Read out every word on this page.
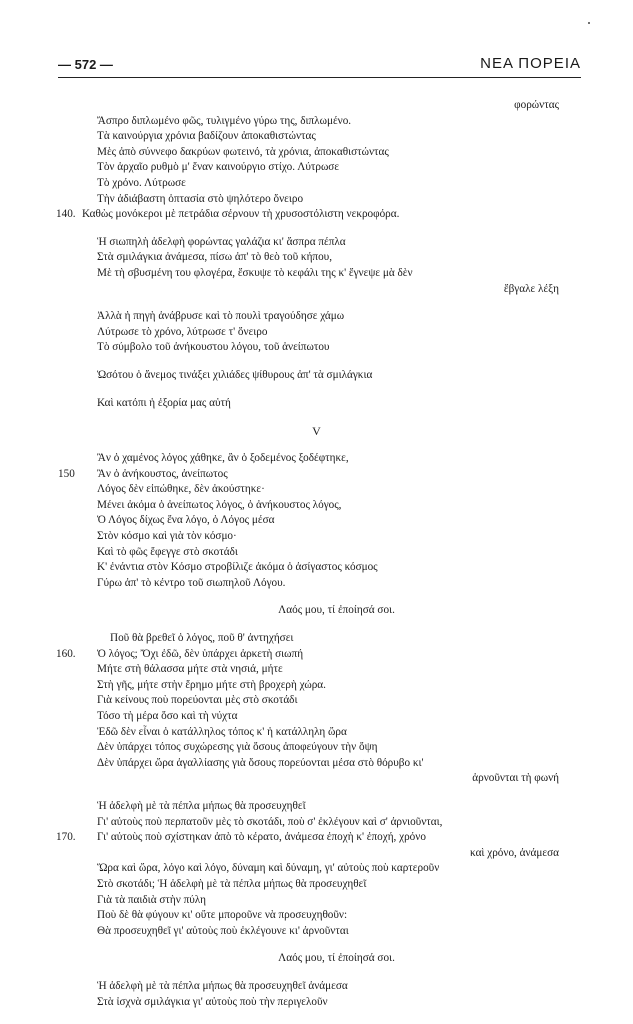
— 572 —	ΝΕΑ ΠΟΡΕΙΑ
φορώντας
Ἄσπρο διπλωμένο φῶς, τυλιγμένο γύρω της, διπλωμένο.
Τὰ καινούργια χρόνια βαδίζουν ἀποκαθιστώντας
Μὲς ἀπὸ σύννεφο δακρύων φωτεινό, τὰ χρόνια, ἀποκαθιστώντας
Τὸν ἀρχαῖο ρυθμὸ μ' ἕναν καινούργιο στίχο. Λύτρωσε
Τὸ χρόνο. Λύτρωσε
Τὴν ἀδιάβαστη ὀπτασία στὸ ψηλότερο ὄνειρο
140. Καθὼς μονόκεροι μὲ πετράδια σέρνουν τὴ χρυσοστόλιστη νεκροφόρα.
Ἡ σιωπηλὴ ἀδελφὴ φορώντας γαλάζια κι' ἄσπρα πέπλα
Στὰ σμιλάγκια ἀνάμεσα, πίσω ἀπ' τὸ θεὸ τοῦ κήπου,
Μὲ τὴ σβυσμένη του φλογέρα, ἔσκυψε τὸ κεφάλι της κ' ἔγνεψε μὰ δὲν
ἔβγαλε λέξη
Ἀλλὰ ἡ πηγὴ ἀνάβρυσε καὶ τὸ πουλὶ τραγούδησε χάμω
Λύτρωσε τὸ χρόνο, λύτρωσε τ' ὄνειρο
Τὸ σύμβολο τοῦ ἀνήκουστου λόγου, τοῦ ἀνείπωτου
Ὡσότου ὁ ἄνεμος τινάξει χιλιάδες ψίθυρους ἀπ' τὰ σμιλάγκια
Καὶ κατόπι ἡ ἐξορία μας αὐτή
V
Ἂν ὁ χαμένος λόγος χάθηκε, ἂν ὁ ξοδεμένος ξοδέφτηκε,
150 Ἂν ὁ ἀνήκουστος, ἀνείπωτος
Λόγος δὲν εἰπώθηκε, δὲν ἀκούστηκε·
Μένει ἀκόμα ὁ ἀνείπωτος λόγος, ὁ ἀνήκουστος λόγος,
Ὁ Λόγος δίχως ἕνα λόγο, ὁ Λόγος μέσα
Στὸν κόσμο καὶ γιὰ τὸν κόσμο·
Καὶ τὸ φῶς ἔφεγγε στὸ σκοτάδι
Κ' ἐνάντια στὸν Κόσμο στροβίλιζε ἀκόμα ὁ ἀσίγαστος κόσμος
Γύρω ἀπ' τὸ κέντρο τοῦ σιωπηλοῦ Λόγου.
Λαός μου, τί ἐποίησά σοι.
Ποῦ θὰ βρεθεῖ ὁ λόγος, ποῦ θ' ἀντηχήσει
160. Ὁ λόγος; Ὄχι ἐδῶ, δὲν ὑπάρχει ἀρκετὴ σιωπή
Μήτε στὴ θάλασσα μήτε στὰ νησιά, μήτε
Στὴ γῆς, μήτε στὴν ἔρημο μήτε στὴ βροχερὴ χώρα.
Γιὰ κείνους ποὺ πορεύονται μὲς στὸ σκοτάδι
Τόσο τὴ μέρα ὅσο καὶ τὴ νύχτα
Ἐδῶ δὲν εἶναι ὁ κατάλληλος τόπος κ' ἡ κατάλληλη ὥρα
Δὲν ὑπάρχει τόπος συχώρεσης γιὰ ὅσους ἀποφεύγουν τὴν ὄψη
Δὲν ὑπάρχει ὥρα ἀγαλλίασης γιὰ ὅσους πορεύονται μέσα στὸ θόρυβο κι'
ἀρνοῦνται τὴ φωνή
Ἡ ἀδελφὴ μὲ τὰ πέπλα μήπως θὰ προσευχηθεῖ
Γι' αὐτοὺς ποὺ περπατοῦν μὲς τὸ σκοτάδι, ποὺ σ' ἐκλέγουν καὶ σ' ἀρνιοῦνται,
170. Γι' αὐτοὺς ποὺ σχίστηκαν ἀπὸ τὸ κέρατο, ἀνάμεσα ἐποχὴ κ' ἐποχή, χρόνο
καὶ χρόνο, ἀνάμεσα
Ὥρα καὶ ὥρα, λόγο καὶ λόγο, δύναμη καὶ δύναμη, γι' αὐτοὺς ποὺ καρτεροῦν
Στὸ σκοτάδι; Ἡ ἀδελφὴ μὲ τὰ πέπλα μήπως θὰ προσευχηθεῖ
Γιὰ τὰ παιδιὰ στὴν πύλη
Ποὺ δὲ θὰ φύγουν κι' οὔτε μποροῦνε νὰ προσευχηθοῦν:
Θὰ προσευχηθεῖ γι' αὐτοὺς ποὺ ἐκλέγουνε κι' ἀρνοῦνται
Λαός μου, τί ἐποίησά σοι.
Ἡ ἀδελφὴ μὲ τὰ πέπλα μήπως θὰ προσευχηθεῖ ἀνάμεσα
Στὰ ἰσχνὰ σμιλάγκια γι' αὐτοὺς ποὺ τὴν περιγελοῦν
